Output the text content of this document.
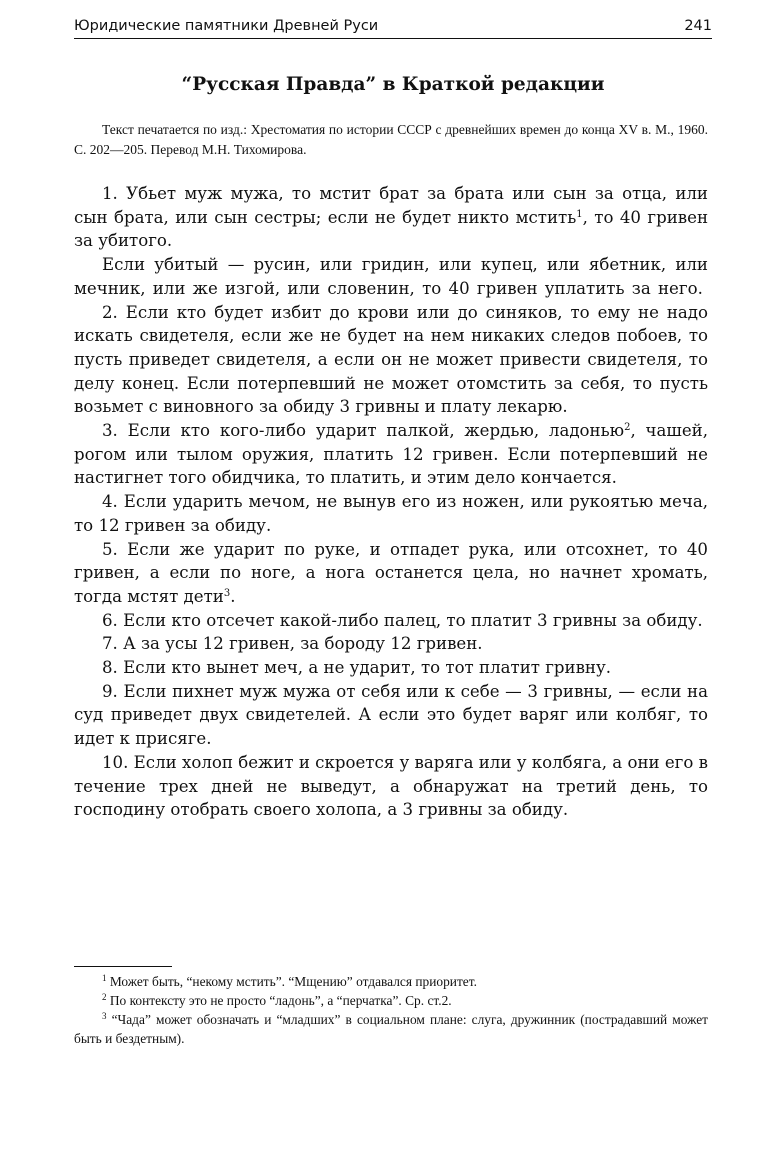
Юридические памятники Древней Руси	241
“Русская Правда” в Краткой редакции
Текст печатается по изд.: Хрестоматия по истории СССР с древнейших времен до конца XV в. М., 1960. С. 202—205. Перевод М.Н. Тихомирова.

1. Убьет муж мужа, то мстит брат за брата или сын за отца, или сын брата, или сын сестры; если не будет никто мстить$^1$, то 40 гривен за убитого.

Если убитый — русин, или гридин, или купец, или ябетник, или мечник, или же изгой, или словенин, то 40 гривен уплатить за него.

2. Если кто будет избит до крови или до синяков, то ему не надо искать свидетеля, если же не будет на нем никаких следов побоев, то пусть приведет свидетеля, а если он не может привести свидетеля, то делу конец. Если потерпевший не может отомстить за себя, то пусть возьмет с виновного за обиду 3 гривны и плату лекарю.

3. Если кто кого-либо ударит палкой, жердью, ладонью$^2$, чашей, рогом или тылом оружия, платить 12 гривен. Если потерпевший не настигнет того обидчика, то платить, и этим дело кончается.

4. Если ударить мечом, не вынув его из ножен, или рукоятью меча, то 12 гривен за обиду.

5. Если же ударит по руке, и отпадет рука, или отсохнет, то 40 гривен, а если по ноге, а нога останется цела, но начнет хромать, тогда мстят дети$^3$.

6. Если кто отсечет какой-либо палец, то платит 3 гривны за обиду.

7. А за усы 12 гривен, за бороду 12 гривен.

8. Если кто вынет меч, а не ударит, то тот платит гривну.

9. Если пихнет муж мужа от себя или к себе — 3 гривны, — если на суд приведет двух свидетелей. А если это будет варяг или колбяг, то идет к присяге.

10. Если холоп бежит и скроется у варяга или у колбяга, а они его в течение трех дней не выведут, а обнаружат на третий день, то господину отобрать своего холопа, а 3 гривны за обиду.

$^1$ Может быть, “некому мстить”. “Мщению” отдавался приоритет.

$^2$ По контексту это не просто “ладонь”, а “перчатка”. Ср. ст.2.

$^3$ “Чада” может обозначать и “младших” в социальном плане: слуга, дружинник (пострадавший может быть и бездетным).
